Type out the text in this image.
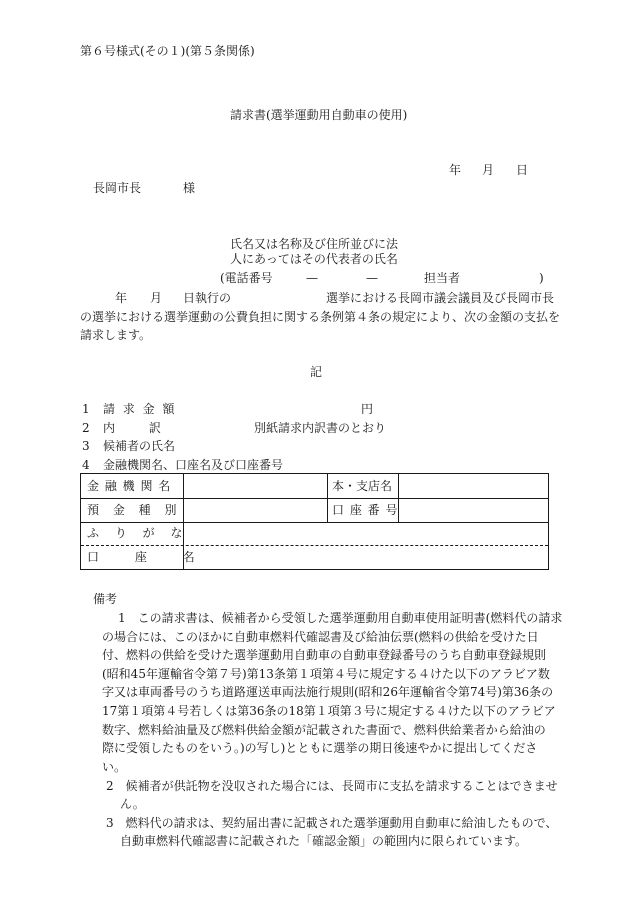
第６号様式(その１)(第５条関係)
請求書(選挙運動用自動車の使用)
年 月 日
長岡市長	様
氏名又は名称及び住所並びに法
人にあってはその代表者の氏名
(電話番号	—	—	担当者	)
年 月 日執行の	選挙における長岡市議会議員及び長岡市長
の選挙における選挙運動の公費負担に関する条例第４条の規定により、次の金額の支払を
請求します。
記
1 請 求 金 額	円
2 内 訳	別紙請求内訳書のとおり
3 候補者の氏名
4 金融機関名、口座名及び口座番号
金 融 機 関 名	本・支店名
預 金 種 別	口 座 番 号
ふ り が な
口 座 名
備考

1　この請求書は、候補者から受領した選挙運動用自動車使用証明書(燃料代の請求

の場合には、このほかに自動車燃料代確認書及び給油伝票(燃料の供給を受けた日

付、燃料の供給を受けた選挙運動用自動車の自動車登録番号のうち自動車登録規則

(昭和45年運輸省令第７号)第13条第１項第４号に規定する４けた以下のアラビア数

字又は車両番号のうち道路運送車両法施行規則(昭和26年運輸省令第74号)第36条の

17第１項第４号若しくは第36条の18第１項第３号に規定する４けた以下のアラビア

数字、燃料給油量及び燃料供給金額が記載された書面で、燃料供給業者から給油の

際に受領したものをいう。)の写し)とともに選挙の期日後速やかに提出してくださ

い。

2　候補者が供託物を没収された場合には、長岡市に支払を請求することはできませ

ん。

3　燃料代の請求は、契約届出書に記載された選挙運動用自動車に給油したもので、

自動車燃料代確認書に記載された「確認金額」の範囲内に限られています。
